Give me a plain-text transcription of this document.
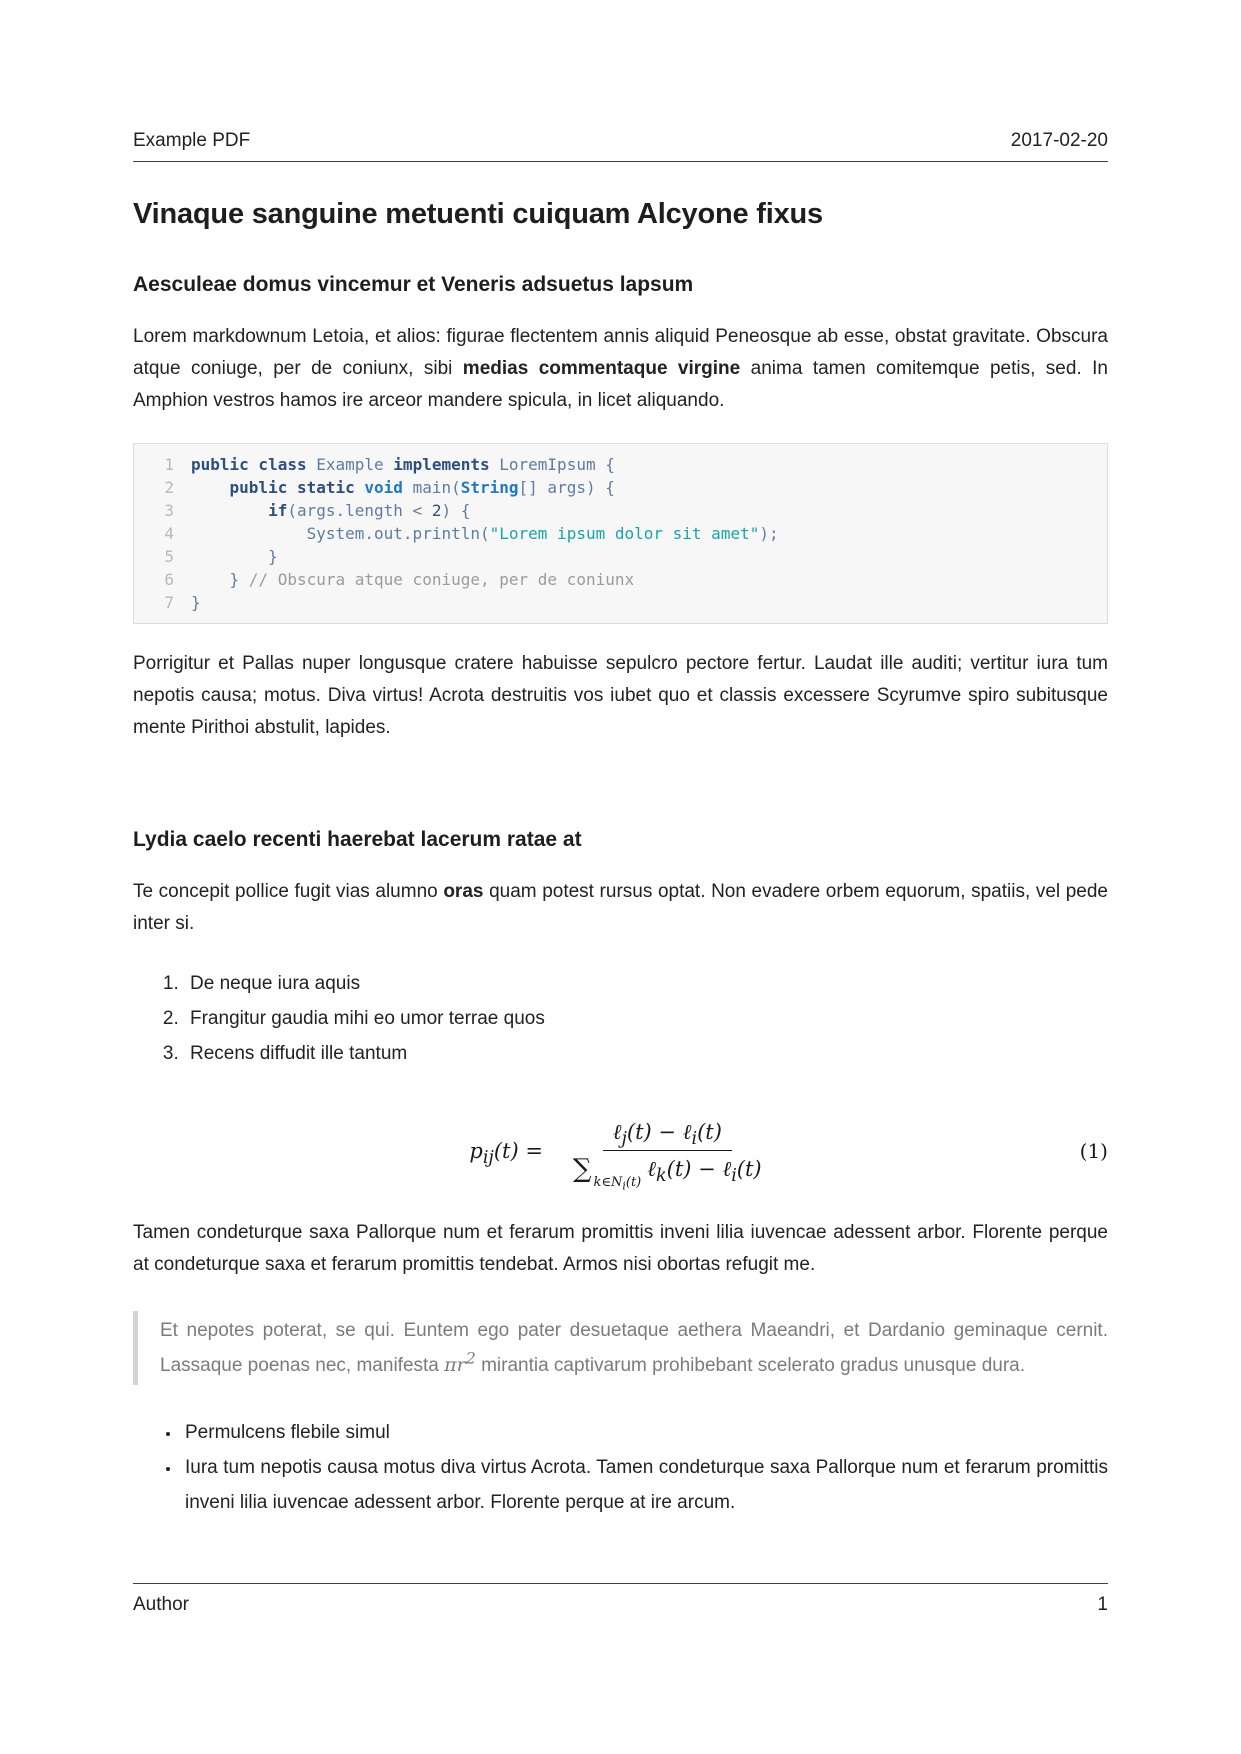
Example PDF	2017-02-20
Vinaque sanguine metuenti cuiquam Alcyone fixus
Aesculeae domus vincemur et Veneris adsuetus lapsum

Lorem markdownum Letoia, et alios: figurae flectentem annis aliquid Peneosque ab esse, obstat gravitate. Obscura atque coniuge, per de coniunx, sibi medias commentaque virgine anima tamen comitemque petis, sed. In Amphion vestros hamos ire arceor mandere spicula, in licet aliquando.

1 public class Example implements LoremIpsum {
2	public static void main(String[] args) {
3	if(args.length < 2) {
4 System.out.println("Lorem ipsum dolor sit amet");
5 }
6 } // Obscura atque coniuge, per de coniunx
7 }

Porrigitur et Pallas nuper longusque cratere habuisse sepulcro pectore fertur. Laudat ille auditi; vertitur iura tum nepotis causa; motus. Diva virtus! Acrota destruitis vos iubet quo et classis excessere Scyrumve spiro subitusque mente Pirithoi abstulit, lapides.

Lydia caelo recenti haerebat lacerum ratae at

Te concepit pollice fugit vias alumno oras quam potest rursus optat. Non evadere orbem equorum, spatiis, vel pede inter si.

1. De neque iura aquis
2. Frangitur gaudia mihi eo umor terrae quos
3. Recens diffudit ille tantum
$p_{ij}(t)$ = ℓ$_j$(t) − ℓ$_i$(t)
∑ $k\in N_i(t)$
ℓ$_k$(t) − ℓ$_i$(t)	(1)

Tamen condeturque saxa Pallorque num et ferarum promittis inveni lilia iuvencae adessent arbor. Florente perque at condeturque saxa et ferarum promittis tendebat. Armos nisi obortas refugit me.

Et nepotes poterat, se qui. Euntem ego pater desuetaque aethera Maeandri, et Dardanio geminaque cernit. Lassaque poenas nec, manifesta $\pi r^2$ mirantia captivarum prohibebant scelerato gradus unusque dura.
• Permulcens flebile simul
• Iura tum nepotis causa motus diva virtus Acrota. Tamen condeturque saxa Pallorque num et ferarum promittis inveni lilia iuvencae adessent arbor. Florente perque at ire arcum.
Author	1
